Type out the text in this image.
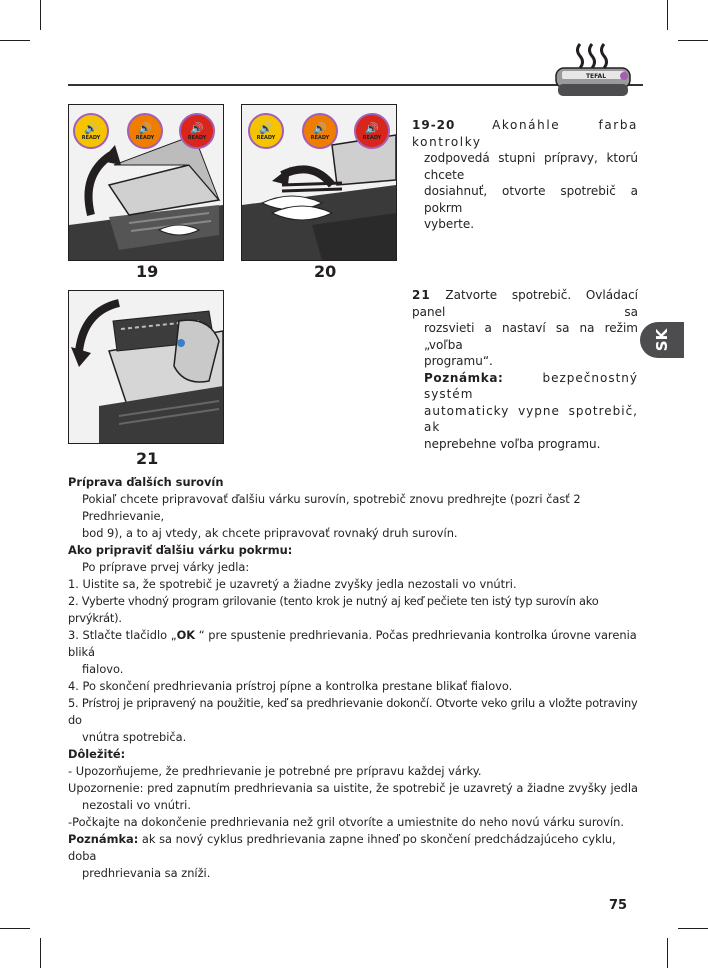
TEFAL
🔊
READY
🔊
READY
🔊
READY
19
🔊
READY
🔊
READY
🔊
READY
20
19-20	Akonáhle farba kontrolky
zodpovedá stupni prípravy, ktorú chcete
dosiahnuť, otvorte spotrebič a pokrm
vyberte.
21
21 Zatvorte spotrebič. Ovládací panel sa
rozsvieti a nastaví sa na režim „voľba
programu“.
Poznámka:	bezpečnostný systém
automaticky vypne spotrebič, ak
neprebehne voľba programu.
SK

Príprava ďalších surovín

Pokiaľ chcete pripravovať ďalšiu várku surovín, spotrebič znovu predhrejte (pozri časť 2 Predhrievanie,

bod 9), a to aj vtedy, ak chcete pripravovať rovnaký druh surovín.

Ako pripraviť ďalšiu várku pokrmu:

Po príprave prvej várky jedla:

1. Uistite sa, že spotrebič je uzavretý a žiadne zvyšky jedla nezostali vo vnútri.

2. Vyberte vhodný program grilovanie (tento krok je nutný aj keď pečiete ten istý typ surovín ako prvýkrát).

3. Stlačte tlačidlo „OK “ pre spustenie predhrievania. Počas predhrievania kontrolka úrovne varenia bliká

fialovo.

4. Po skončení predhrievania prístroj pípne a kontrolka prestane blikať fialovo.

5. Prístroj je pripravený na použitie, keď sa predhrievanie dokončí. Otvorte veko grilu a vložte potraviny do

vnútra spotrebiča.

Dôležité:

- Upozorňujeme, že predhrievanie je potrebné pre prípravu každej várky.

Upozornenie: pred zapnutím predhrievania sa uistite, že spotrebič je uzavretý a žiadne zvyšky jedla

nezostali vo vnútri.

-Počkajte na dokončenie predhrievania než gril otvoríte a umiestnite do neho novú várku surovín.

Poznámka: ak sa nový cyklus predhrievania zapne ihneď po skončení predchádzajúceho cyklu, doba

predhrievania sa zníži.

75
